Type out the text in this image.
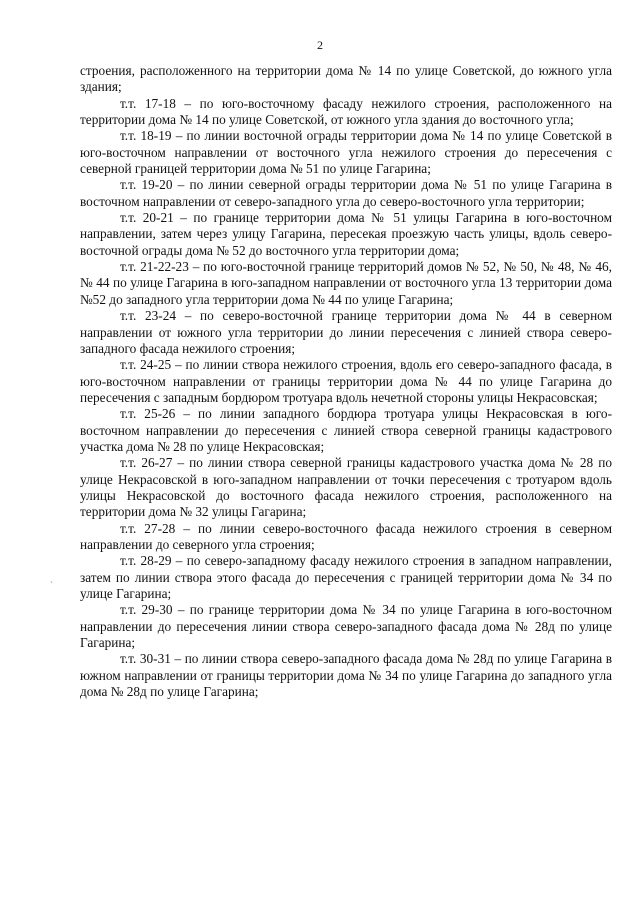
2
`

строения, расположенного на территории дома № 14 по улице Советской, до южного угла здания;

т.т. 17-18 – по юго-восточному фасаду нежилого строения, расположенного на территории дома № 14 по улице Советской, от южного угла здания до восточного угла;

т.т. 18-19 – по линии восточной ограды территории дома № 14 по улице Советской в юго-восточном направлении от восточного угла нежилого строения до пересечения с северной границей территории дома № 51 по улице Гагарина;

т.т. 19-20 – по линии северной ограды территории дома № 51 по улице Гагарина в восточном направлении от северо-западного угла до северо-восточного угла территории;

т.т. 20-21 – по границе территории дома № 51 улицы Гагарина в юго-восточном направлении, затем через улицу Гагарина, пересекая проезжую часть улицы, вдоль северо-восточной ограды дома № 52 до восточного угла территории дома;

т.т. 21-22-23 – по юго-восточной границе территорий домов № 52, № 50, № 48, № 46, № 44 по улице Гагарина в юго-западном направлении от восточного угла 13 территории дома №52 до западного угла территории дома № 44 по улице Гагарина;

т.т. 23-24 – по северо-восточной границе территории дома № 44 в северном направлении от южного угла территории до линии пересечения с линией створа северо-западного фасада нежилого строения;

т.т. 24-25 – по линии створа нежилого строения, вдоль его северо-западного фасада, в юго-восточном направлении от границы территории дома № 44 по улице Гагарина до пересечения с западным бордюром тротуара вдоль нечетной стороны улицы Некрасовская;

т.т. 25-26 – по линии западного бордюра тротуара улицы Некрасовская в юго-восточном направлении до пересечения с линией створа северной границы кадастрового участка дома № 28 по улице Некрасовская;

т.т. 26-27 – по линии створа северной границы кадастрового участка дома № 28 по улице Некрасовской в юго-западном направлении от точки пересечения с тротуаром вдоль улицы Некрасовской до восточного фасада нежилого строения, расположенного на территории дома № 32 улицы Гагарина;

т.т. 27-28 – по линии северо-восточного фасада нежилого строения в северном направлении до северного угла строения;

т.т. 28-29 – по северо-западному фасаду нежилого строения в западном направлении, затем по линии створа этого фасада до пересечения с границей территории дома № 34 по улице Гагарина;

т.т. 29-30 – по границе территории дома № 34 по улице Гагарина в юго-восточном направлении до пересечения линии створа северо-западного фасада дома № 28д по улице Гагарина;

т.т. 30-31 – по линии створа северо-западного фасада дома № 28д по улице Гагарина в южном направлении от границы территории дома № 34 по улице Гагарина до западного угла дома № 28д по улице Гагарина;
